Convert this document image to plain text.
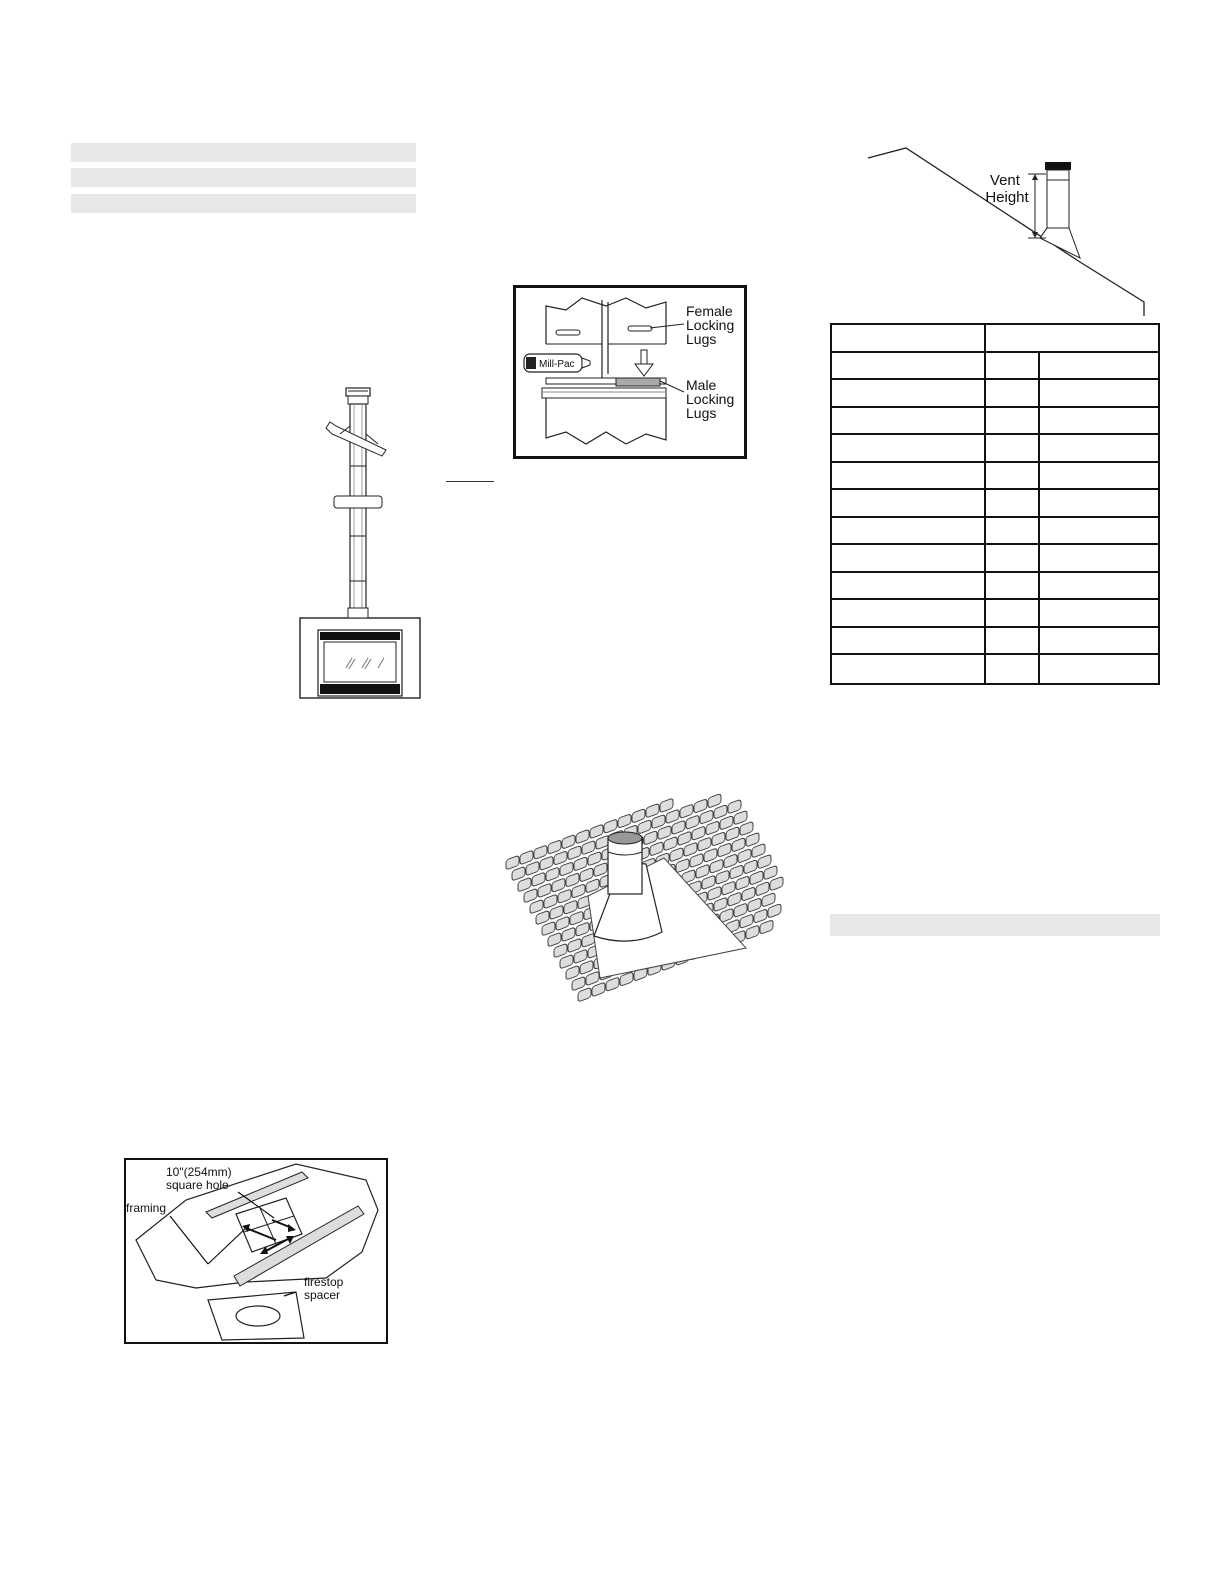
Mill-Pac
Female Locking Lugs
Male Locking Lugs
Vent Height
10"(254mm) square hole
framing
firestop spacer
